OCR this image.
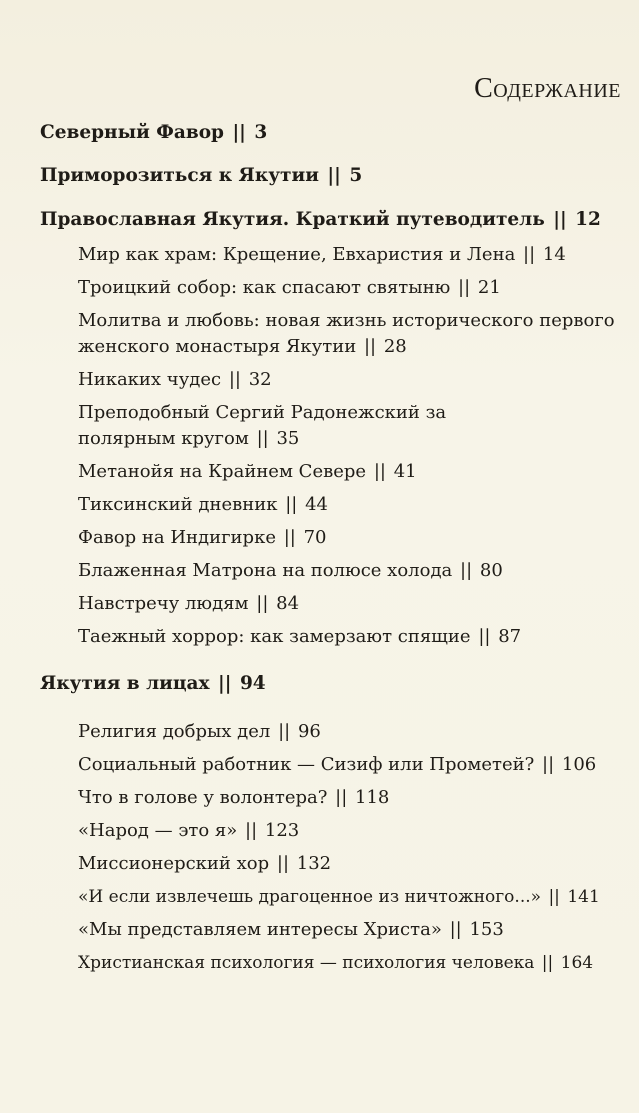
Содержание
Северный Фавор || 3
Приморозиться к Якутии || 5
Православная Якутия. Краткий путеводитель || 12
Мир как храм: Крещение, Евхаристия и Лена || 14
Троицкий собор: как спасают святыню || 21
Молитва и любовь: новая жизнь исторического первого женского монастыря Якутии || 28
Никаких чудес || 32
Преподобный Сергий Радонежский за полярным кругом || 35
Метанойя на Крайнем Севере || 41
Тиксинский дневник || 44
Фавор на Индигирке || 70
Блаженная Матрона на полюсе холода || 80
Навстречу людям || 84
Таежный хоррор: как замерзают спящие || 87
Якутия в лицах || 94
Религия добрых дел || 96
Социальный работник — Сизиф или Прометей? || 106
Что в голове у волонтера? || 118
«Народ — это я» || 123
Миссионерский хор || 132
«И если извлечешь драгоценное из ничтожного...» || 141
«Мы представляем интересы Христа» || 153
Христианская психология — психология человека || 164
